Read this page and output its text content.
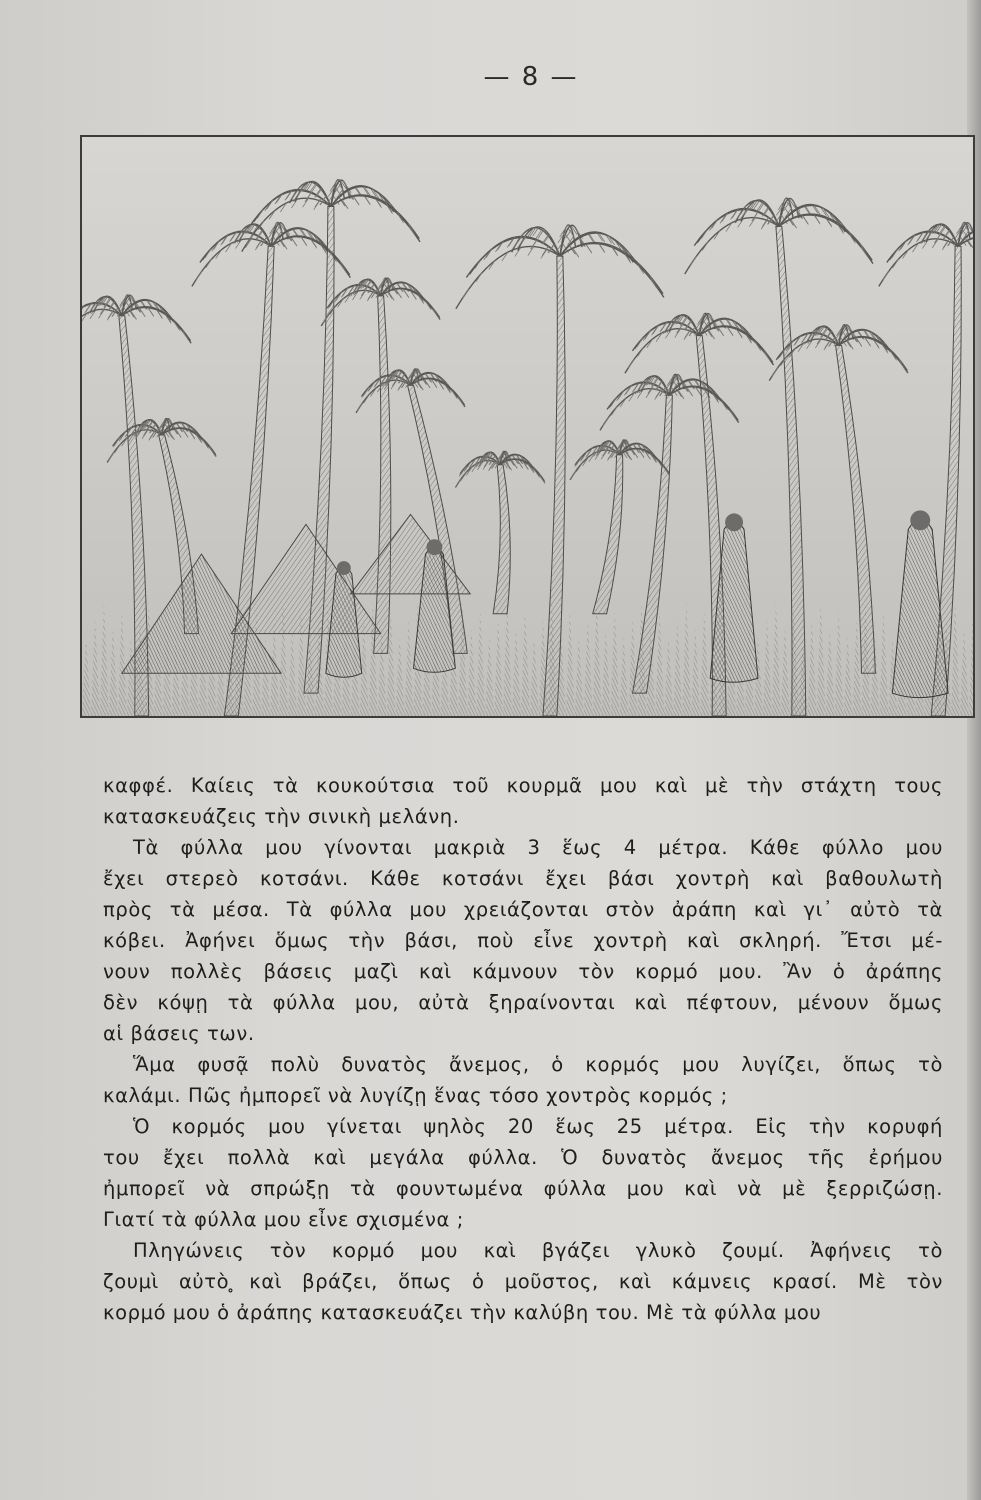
— 8 —
καφφέ. Καίεις τὰ κουκούτσια τοῦ κουρμᾶ μου καὶ μὲ τὴν στάχτη τους
κατασκευάζεις τὴν σινικὴ μελάνη.
Τὰ φύλλα μου γίνονται μακριὰ 3 ἕως 4 μέτρα. Κάθε φύλλο μου
ἔχει στερεὸ κοτσάνι. Κάθε κοτσάνι ἔχει βάσι χοντρὴ καὶ βαθουλωτὴ
πρὸς τὰ μέσα. Τὰ φύλλα μου χρειάζονται στὸν ἀράπη καὶ γι᾿ αὐτὸ τὰ
κόβει. Ἀφήνει ὅμως τὴν βάσι, ποὺ εἶνε χοντρὴ καὶ σκληρή. Ἔτσι μέ-
νουν πολλὲς βάσεις μαζὶ καὶ κάμνουν τὸν κορμό μου. Ἂν ὁ ἀράπης
δὲν κόψῃ τὰ φύλλα μου, αὐτὰ ξηραίνονται καὶ πέφτουν, μένουν ὅμως
αἱ βάσεις των.
Ἅμα φυσᾷ πολὺ δυνατὸς ἄνεμος, ὁ κορμός μου λυγίζει, ὅπως τὸ
καλάμι. Πῶς ἠμπορεῖ νὰ λυγίζῃ ἕνας τόσο χοντρὸς κορμός ;
Ὁ κορμός μου γίνεται ψηλὸς 20 ἕως 25 μέτρα. Εἰς τὴν κορυφή
του ἔχει πολλὰ καὶ μεγάλα φύλλα. Ὁ δυνατὸς ἄνεμος τῆς ἐρήμου
ἠμπορεῖ νὰ σπρώξῃ τὰ φουντωμένα φύλλα μου καὶ νὰ μὲ ξερριζώσῃ.
Γιατί τὰ φύλλα μου εἶνε σχισμένα ;
Πληγώνεις τὸν κορμό μου καὶ βγάζει γλυκὸ ζουμί. Ἀφήνεις τὸ
ζουμὶ αὐτὸ ̥καὶ βράζει, ὅπως ὁ μοῦστος, καὶ κάμνεις κρασί. Μὲ τὸν
κορμό μου ὁ ἀράπης κατασκευάζει τὴν καλύβη του. Μὲ τὰ φύλλα μου
